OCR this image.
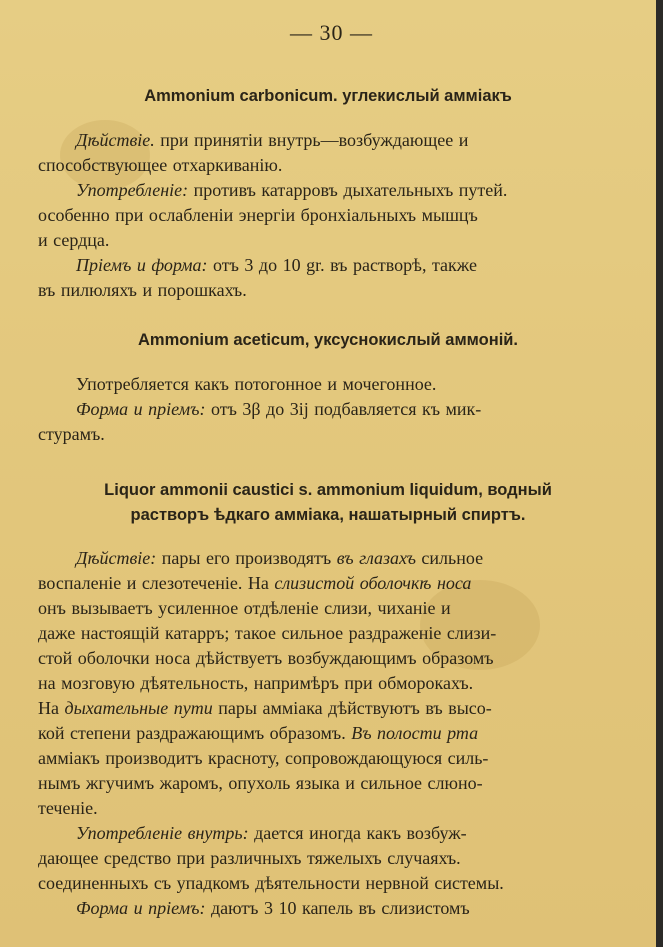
— 30 —
Ammonium carbonicum. углекислый амміакъ
Дѣйствіе. при принятіи внутрь—возбуждающее и
способствующее отхаркиванію.
Употребленіе: противъ катарровъ дыхательныхъ путей.
особенно при ослабленіи энергіи бронхіальныхъ мышцъ
и сердца.
Пріемъ и форма: отъ 3 до 10 gr. въ растворѣ, также
въ пилюляхъ и порошкахъ.
Ammonium aceticum, уксуснокислый аммоній.
Употребляется какъ потогонное и мочегонное.
Форма и пріемъ: отъ 3β до 3ij подбавляется къ мик-
стурамъ.
Liquor ammonii caustici s. ammonium liquidum, водный
растворъ ѣдкаго амміака, нашатырный спиртъ.
Дѣйствіе: пары его производятъ въ глазахъ сильное
воспаленіе и слезотеченіе. На слизистой оболочкѣ носа
онъ вызываетъ усиленное отдѣленіе слизи, чиханіе и
даже настоящій катарръ; такое сильное раздраженіе слизи-
стой оболочки носа дѣйствуетъ возбуждающимъ образомъ
на мозговую дѣятельность, напримѣръ при обморокахъ.
На дыхательные пути пары амміака дѣйствуютъ въ высо-
кой степени раздражающимъ образомъ. Въ полости рта
амміакъ производитъ красноту, сопровождающуюся силь-
нымъ жгучимъ жаромъ, опухоль языка и сильное слюно-
теченіе.
Употребленіе внутрь: дается иногда какъ возбуж-
дающее средство при различныхъ тяжелыхъ случаяхъ.
соединенныхъ съ упадкомъ дѣятельности нервной системы.
Форма и пріемъ: даютъ 3 10 капель въ слизистомъ
